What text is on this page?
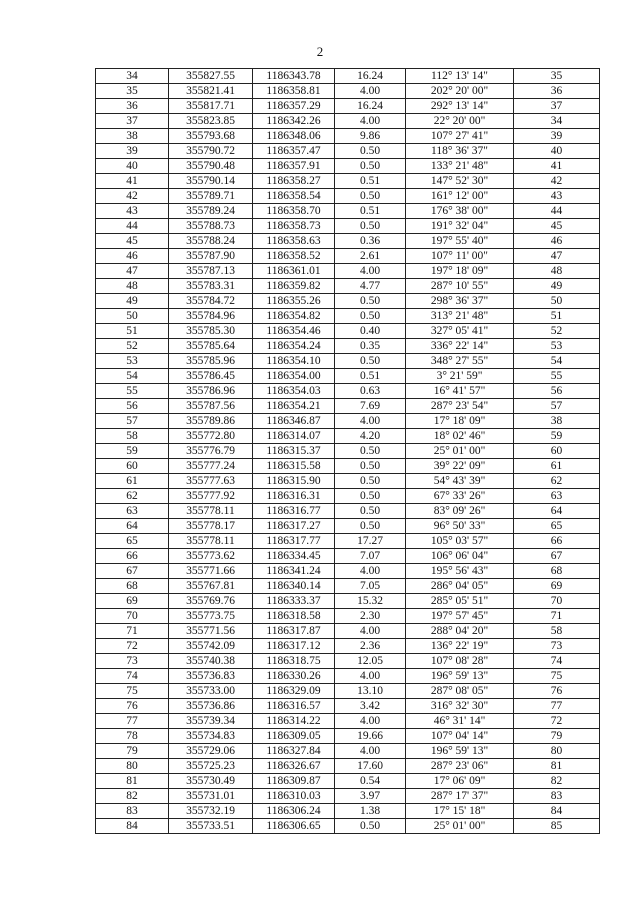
2
34	355827.55	1186343.78	16.24	112° 13' 14"	35
35	355821.41	1186358.81	4.00	202° 20' 00"	36
36	355817.71	1186357.29	16.24	292° 13' 14"	37
37	355823.85	1186342.26	4.00	22° 20' 00"	34
38	355793.68	1186348.06	9.86	107° 27' 41"	39
39	355790.72	1186357.47	0.50	118° 36' 37"	40
40	355790.48	1186357.91	0.50	133° 21' 48"	41
41	355790.14	1186358.27	0.51	147° 52' 30"	42
42	355789.71	1186358.54	0.50	161° 12' 00"	43
43	355789.24	1186358.70	0.51	176° 38' 00"	44
44	355788.73	1186358.73	0.50	191° 32' 04"	45
45	355788.24	1186358.63	0.36	197° 55' 40"	46
46	355787.90	1186358.52	2.61	107° 11' 00"	47
47	355787.13	1186361.01	4.00	197° 18' 09"	48
48	355783.31	1186359.82	4.77	287° 10' 55"	49
49	355784.72	1186355.26	0.50	298° 36' 37"	50
50	355784.96	1186354.82	0.50	313° 21' 48"	51
51	355785.30	1186354.46	0.40	327° 05' 41"	52
52	355785.64	1186354.24	0.35	336° 22' 14"	53
53	355785.96	1186354.10	0.50	348° 27' 55"	54
54	355786.45	1186354.00	0.51	3° 21' 59"	55
55	355786.96	1186354.03	0.63	16° 41' 57"	56
56	355787.56	1186354.21	7.69	287° 23' 54"	57
57	355789.86	1186346.87	4.00	17° 18' 09"	38
58	355772.80	1186314.07	4.20	18° 02' 46"	59
59	355776.79	1186315.37	0.50	25° 01' 00"	60
60	355777.24	1186315.58	0.50	39° 22' 09"	61
61	355777.63	1186315.90	0.50	54° 43' 39"	62
62	355777.92	1186316.31	0.50	67° 33' 26"	63
63	355778.11	1186316.77	0.50	83° 09' 26"	64
64	355778.17	1186317.27	0.50	96° 50' 33"	65
65	355778.11	1186317.77	17.27	105° 03' 57"	66
66	355773.62	1186334.45	7.07	106° 06' 04"	67
67	355771.66	1186341.24	4.00	195° 56' 43"	68
68	355767.81	1186340.14	7.05	286° 04' 05"	69
69	355769.76	1186333.37	15.32	285° 05' 51"	70
70	355773.75	1186318.58	2.30	197° 57' 45"	71
71	355771.56	1186317.87	4.00	288° 04' 20"	58
72	355742.09	1186317.12	2.36	136° 22' 19"	73
73	355740.38	1186318.75	12.05	107° 08' 28"	74
74	355736.83	1186330.26	4.00	196° 59' 13"	75
75	355733.00	1186329.09	13.10	287° 08' 05"	76
76	355736.86	1186316.57	3.42	316° 32' 30"	77
77	355739.34	1186314.22	4.00	46° 31' 14"	72
78	355734.83	1186309.05	19.66	107° 04' 14"	79
79	355729.06	1186327.84	4.00	196° 59' 13"	80
80	355725.23	1186326.67	17.60	287° 23' 06"	81
81	355730.49	1186309.87	0.54	17° 06' 09"	82
82	355731.01	1186310.03	3.97	287° 17' 37"	83
83	355732.19	1186306.24	1.38	17° 15' 18"	84
84	355733.51	1186306.65	0.50	25° 01' 00"	85
